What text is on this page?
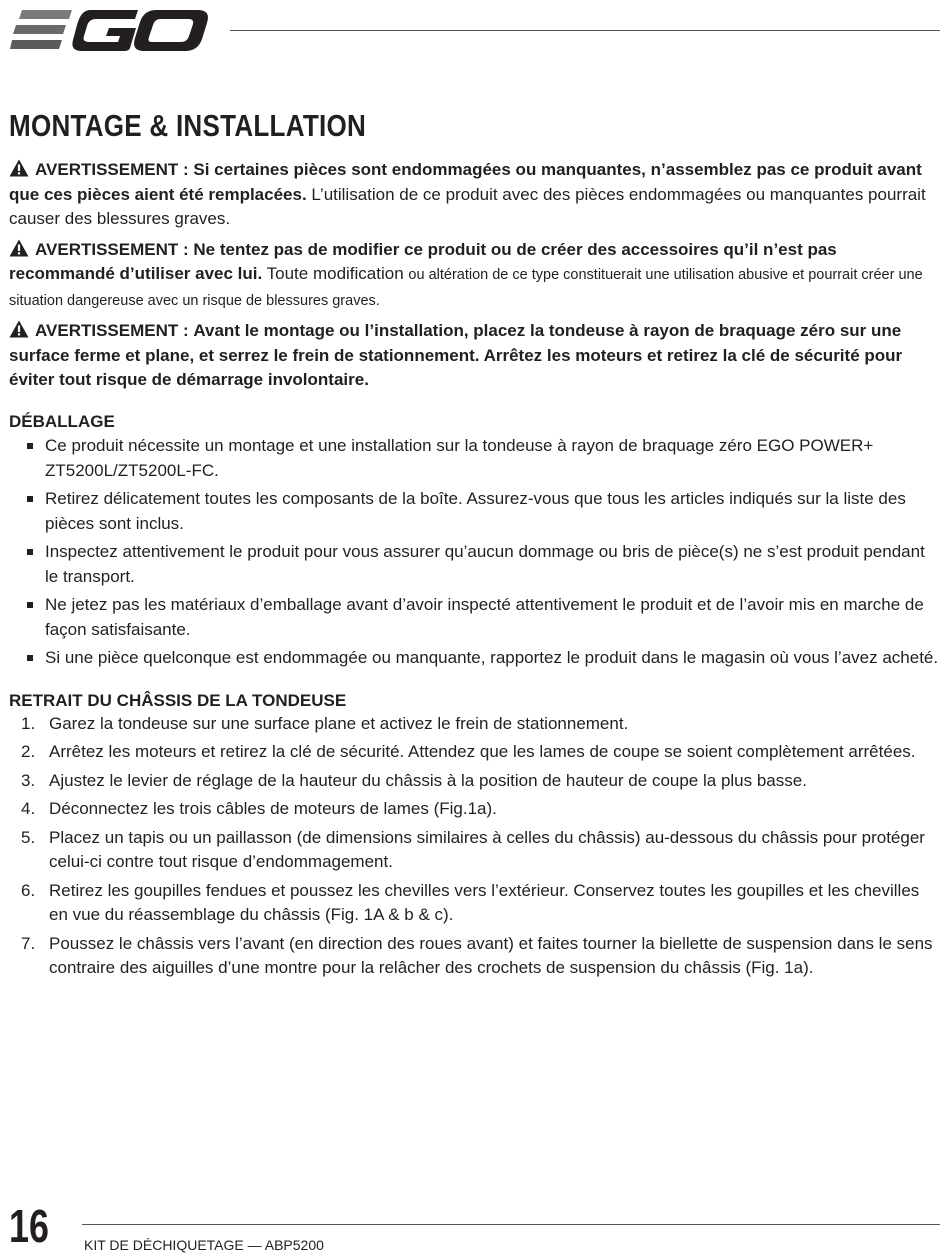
MONTAGE & INSTALLATION

AVERTISSEMENT : Si certaines pièces sont endommagées ou manquantes, n’assemblez pas ce produit avant que ces pièces aient été remplacées. L’utilisation de ce produit avec des pièces endommagées ou manquantes pourrait causer des blessures graves.

AVERTISSEMENT : Ne tentez pas de modifier ce produit ou de créer des accessoires qu’il n’est pas recommandé d’utiliser avec lui. Toute modification ou altération de ce type constituerait une utilisation abusive et pourrait créer une situation dangereuse avec un risque de blessures graves.

AVERTISSEMENT : Avant le montage ou l’installation, placez la tondeuse à rayon de braquage zéro sur une surface ferme et plane, et serrez le frein de stationnement. Arrêtez les moteurs et retirez la clé de sécurité pour éviter tout risque de démarrage involontaire.

DÉBALLAGE
Ce produit nécessite un montage et une installation sur la tondeuse à rayon de braquage zéro EGO POWER+ ZT5200L/ZT5200L-FC.
Retirez délicatement toutes les composants de la boîte. Assurez-vous que tous les articles indiqués sur la liste des pièces sont inclus.
Inspectez attentivement le produit pour vous assurer qu’aucun dommage ou bris de pièce(s) ne s’est produit pendant le transport.
Ne jetez pas les matériaux d’emballage avant d’avoir inspecté attentivement le produit et de l’avoir mis en marche de façon satisfaisante.
Si une pièce quelconque est endommagée ou manquante, rapportez le produit dans le magasin où vous l’avez acheté.
RETRAIT DU CHÂSSIS DE LA TONDEUSE
1. Garez la tondeuse sur une surface plane et activez le frein de stationnement.
2. Arrêtez les moteurs et retirez la clé de sécurité. Attendez que les lames de coupe se soient complètement arrêtées.
3. Ajustez le levier de réglage de la hauteur du châssis à la position de hauteur de coupe la plus basse.
4. Déconnectez les trois câbles de moteurs de lames (Fig.1a).
5. Placez un tapis ou un paillasson (de dimensions similaires à celles du châssis) au-dessous du châssis pour protéger celui-ci contre tout risque d’endommagement.
6. Retirez les goupilles fendues et poussez les chevilles vers l’extérieur. Conservez toutes les goupilles et les chevilles en vue du réassemblage du châssis (Fig. 1A & b & c).
7. Poussez le châssis vers l’avant (en direction des roues avant) et faites tourner la biellette de suspension dans le sens contraire des aiguilles d’une montre pour la relâcher des crochets de suspension du châssis (Fig. 1a).
16	KIT DE DÉCHIQUETAGE — ABP5200
